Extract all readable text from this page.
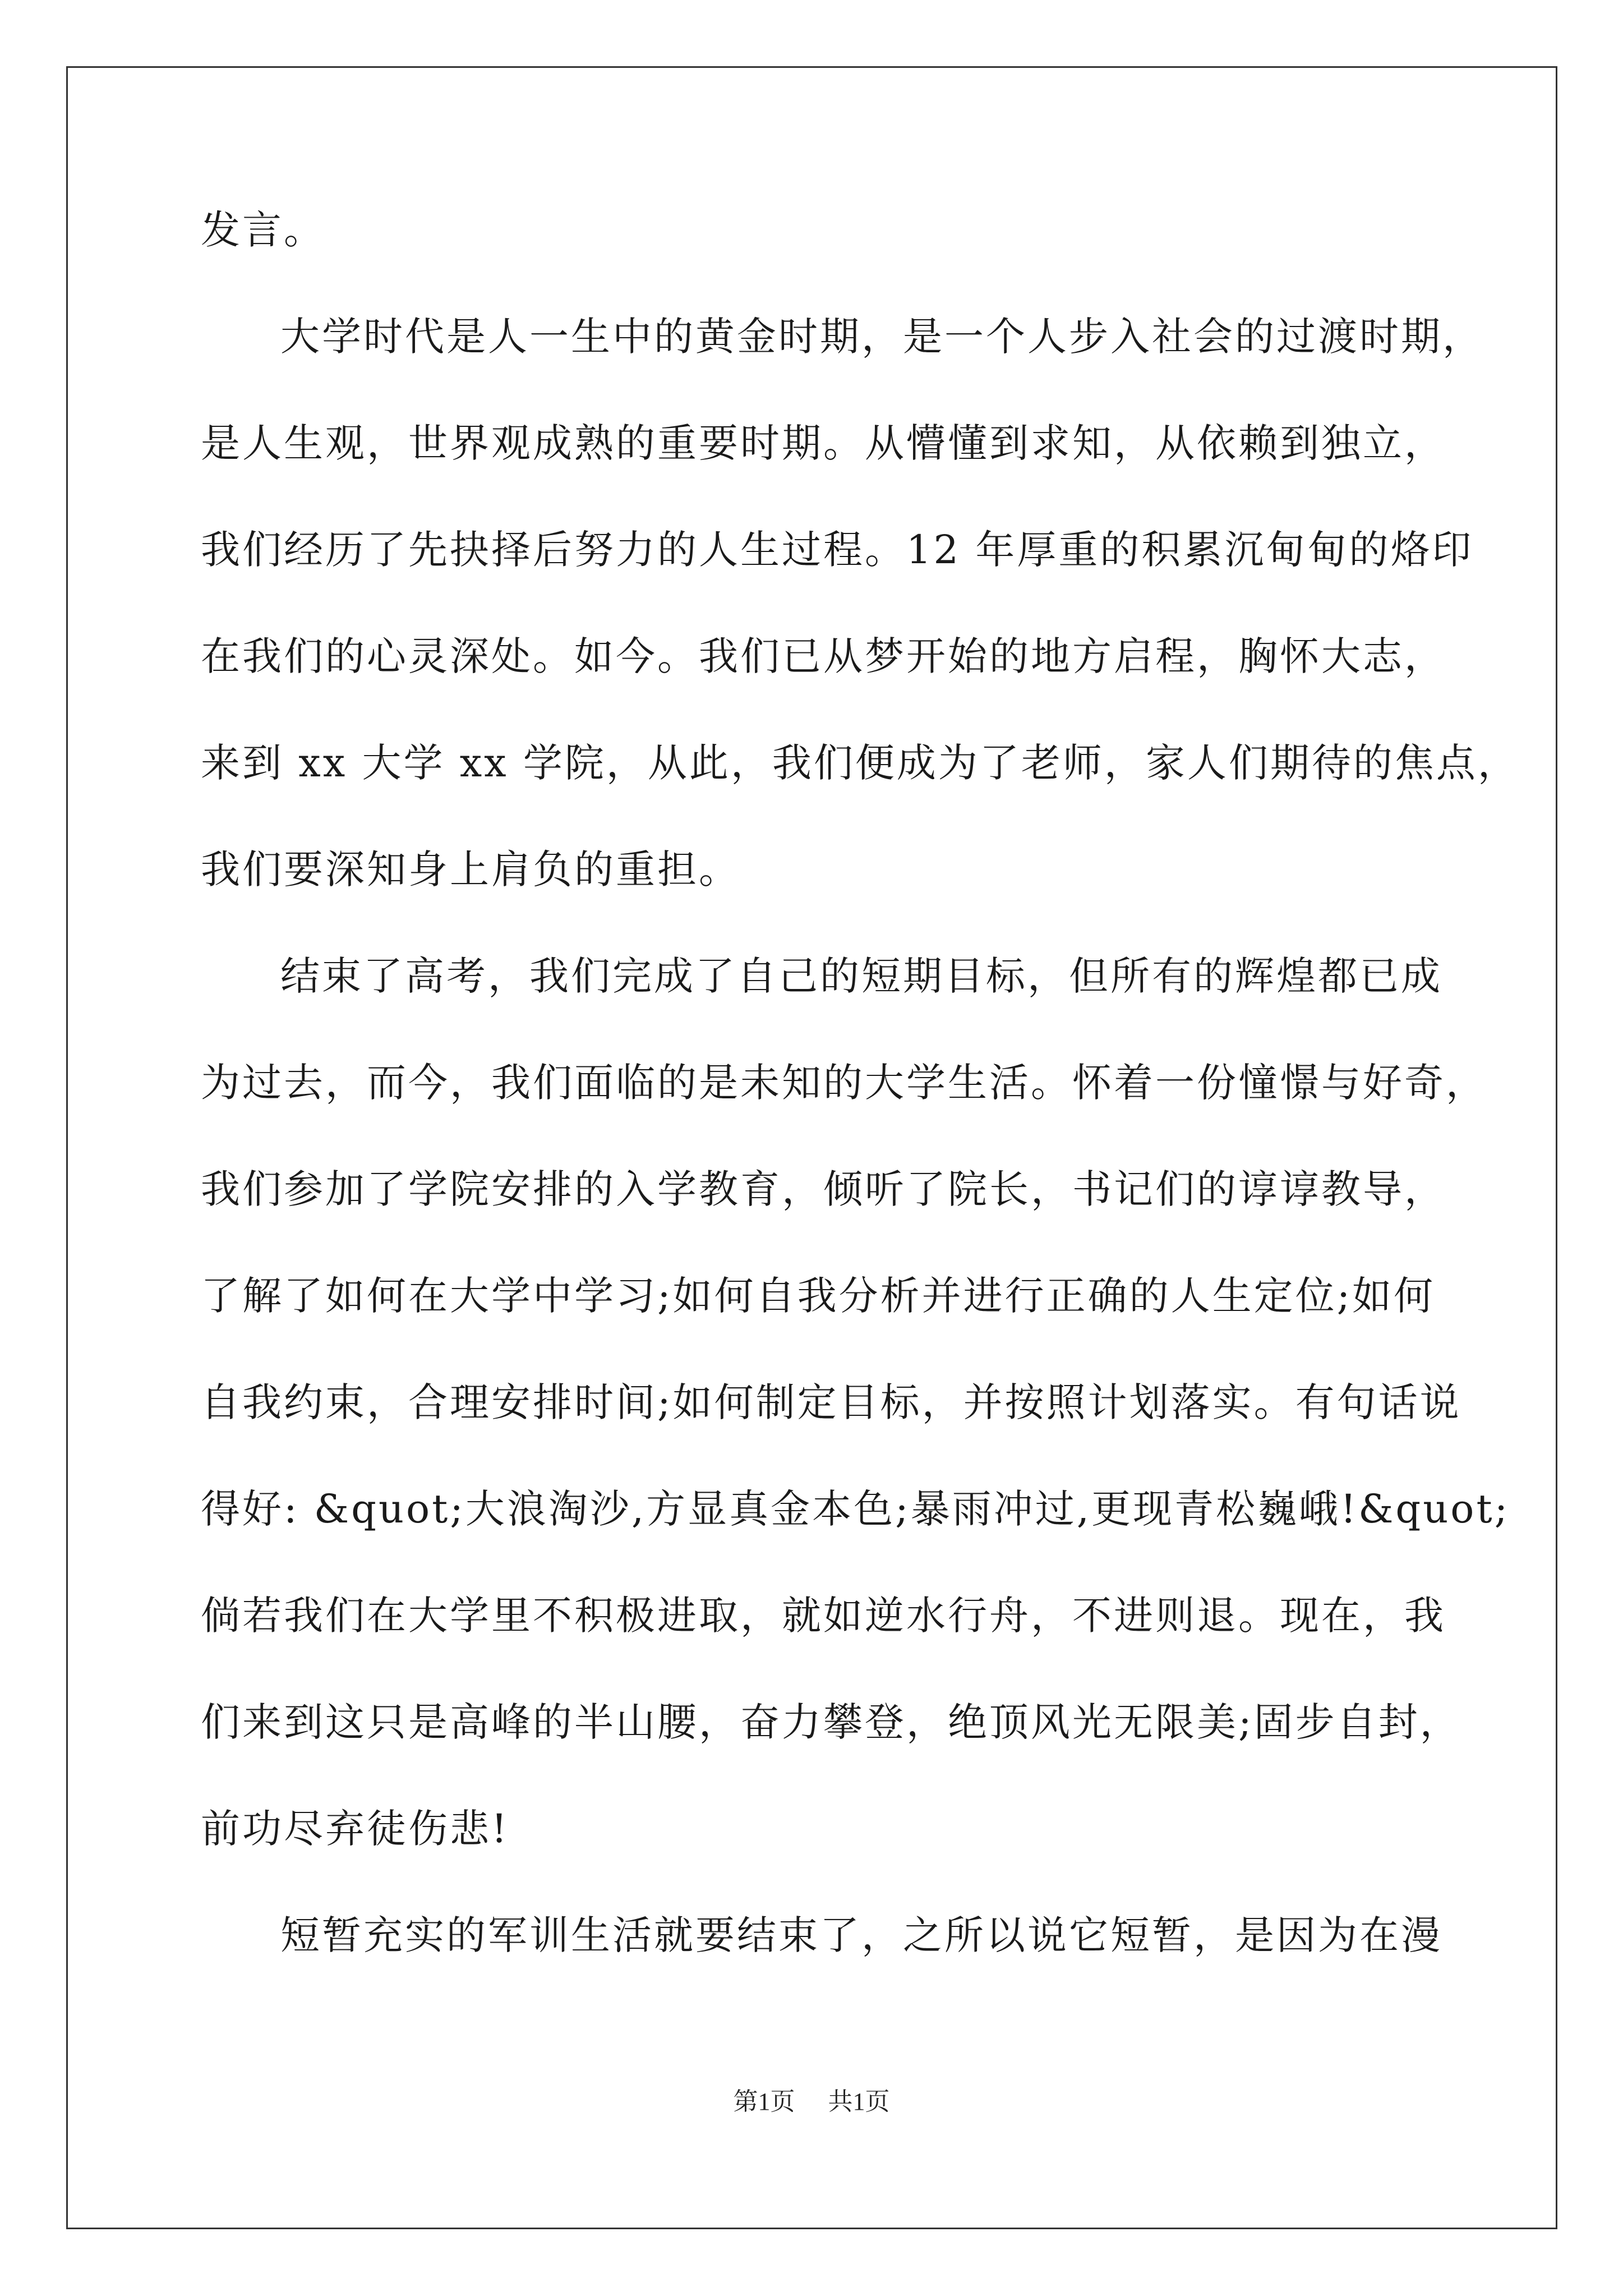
发言。
大学时代是人一生中的黄金时期，是一个人步入社会的过渡时期，
是人生观，世界观成熟的重要时期。从懵懂到求知，从依赖到独立，
我们经历了先抉择后努力的人生过程。12 年厚重的积累沉甸甸的烙印
在我们的心灵深处。如今。我们已从梦开始的地方启程，胸怀大志，
来到 xx 大学 xx 学院，从此，我们便成为了老师，家人们期待的焦点，
我们要深知身上肩负的重担。
结束了高考，我们完成了自己的短期目标，但所有的辉煌都已成
为过去，而今，我们面临的是未知的大学生活。怀着一份憧憬与好奇，
我们参加了学院安排的入学教育，倾听了院长，书记们的谆谆教导，
了解了如何在大学中学习;如何自我分析并进行正确的人生定位;如何
自我约束，合理安排时间;如何制定目标，并按照计划落实。有句话说
得好: &quot;大浪淘沙,方显真金本色;暴雨冲过,更现青松巍峨!&quot;
倘若我们在大学里不积极进取，就如逆水行舟，不进则退。现在，我
们来到这只是高峰的半山腰，奋力攀登，绝顶风光无限美;固步自封，
前功尽弃徒伤悲!
短暂充实的军训生活就要结束了，之所以说它短暂，是因为在漫
第1页 共1页
